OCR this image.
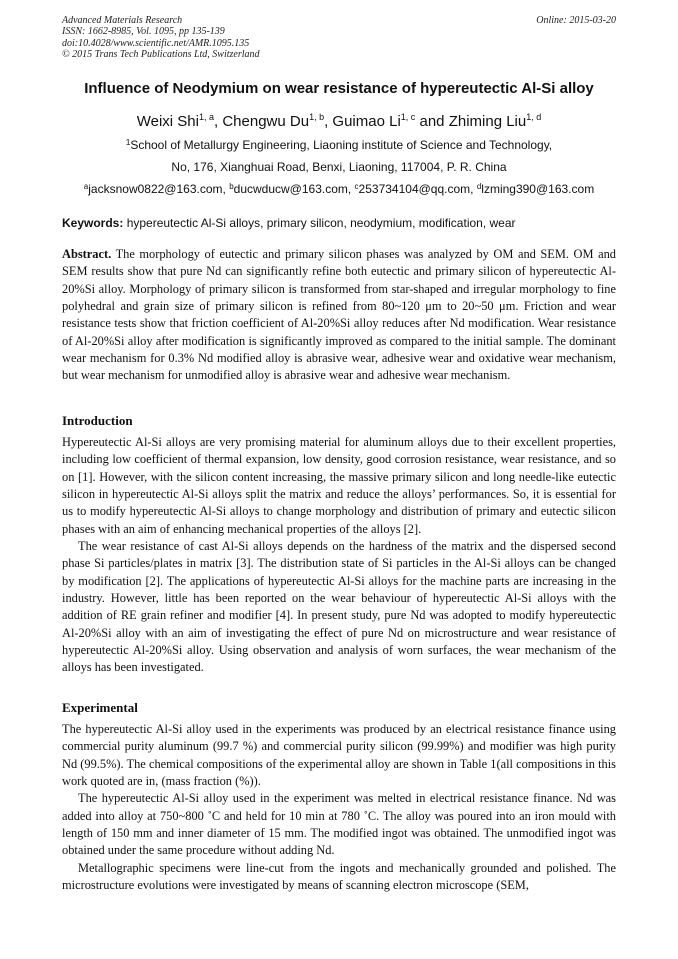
Advanced Materials Research
ISSN: 1662-8985, Vol. 1095, pp 135-139
doi:10.4028/www.scientific.net/AMR.1095.135
© 2015 Trans Tech Publications Ltd, Switzerland
Online: 2015-03-20
Influence of Neodymium on wear resistance of hypereutectic Al-Si alloy
Weixi Shi$^{1, a}$, Chengwu Du$^{1, b}$, Guimao Li$^{1, c}$ and Zhiming Liu$^{1, d}$
$^1$School of Metallurgy Engineering, Liaoning institute of Science and Technology,
No, 176, Xianghuai Road, Benxi, Liaoning, 117004, P. R. China
$^a$jacksnow0822@163.com, $^b$ducwducw@163.com, $^c$253734104@qq.com, $^d$lzming390@163.com
Keywords: hypereutectic Al-Si alloys, primary silicon, neodymium, modification, wear

Abstract. The morphology of eutectic and primary silicon phases was analyzed by OM and SEM. OM and SEM results show that pure Nd can significantly refine both eutectic and primary silicon of hypereutectic Al-20%Si alloy. Morphology of primary silicon is transformed from star-shaped and irregular morphology to fine polyhedral and grain size of primary silicon is refined from 80~120 μm to 20~50 μm. Friction and wear resistance tests show that friction coefficient of Al-20%Si alloy reduces after Nd modification. Wear resistance of Al-20%Si alloy after modification is significantly improved as compared to the initial sample. The dominant wear mechanism for 0.3% Nd modified alloy is abrasive wear, adhesive wear and oxidative wear mechanism, but wear mechanism for unmodified alloy is abrasive wear and adhesive wear mechanism.

Introduction

Hypereutectic Al-Si alloys are very promising material for aluminum alloys due to their excellent properties, including low coefficient of thermal expansion, low density, good corrosion resistance, wear resistance, and so on [1]. However, with the silicon content increasing, the massive primary silicon and long needle-like eutectic silicon in hypereutectic Al-Si alloys split the matrix and reduce the alloys’ performances. So, it is essential for us to modify hypereutectic Al-Si alloys to change morphology and distribution of primary and eutectic silicon phases with an aim of enhancing mechanical properties of the alloys [2].

The wear resistance of cast Al-Si alloys depends on the hardness of the matrix and the dispersed second phase Si particles/plates in matrix [3]. The distribution state of Si particles in the Al-Si alloys can be changed by modification [2]. The applications of hypereutectic Al-Si alloys for the machine parts are increasing in the industry. However, little has been reported on the wear behaviour of hypereutectic Al-Si alloys with the addition of RE grain refiner and modifier [4]. In present study, pure Nd was adopted to modify hypereutectic Al-20%Si alloy with an aim of investigating the effect of pure Nd on microstructure and wear resistance of hypereutectic Al-20%Si alloy. Using observation and analysis of worn surfaces, the wear mechanism of the alloys has been investigated.

Experimental

The hypereutectic Al-Si alloy used in the experiments was produced by an electrical resistance finance using commercial purity aluminum (99.7 %) and commercial purity silicon (99.99%) and modifier was high purity Nd (99.5%). The chemical compositions of the experimental alloy are shown in Table 1(all compositions in this work quoted are in, (mass fraction (%)).

The hypereutectic Al-Si alloy used in the experiment was melted in electrical resistance finance. Nd was added into alloy at 750~800 ˚C and held for 10 min at 780 ˚C. The alloy was poured into an iron mould with length of 150 mm and inner diameter of 15 mm. The modified ingot was obtained. The unmodified ingot was obtained under the same procedure without adding Nd.

Metallographic specimens were line-cut from the ingots and mechanically grounded and polished. The microstructure evolutions were investigated by means of scanning electron microscope (SEM,
